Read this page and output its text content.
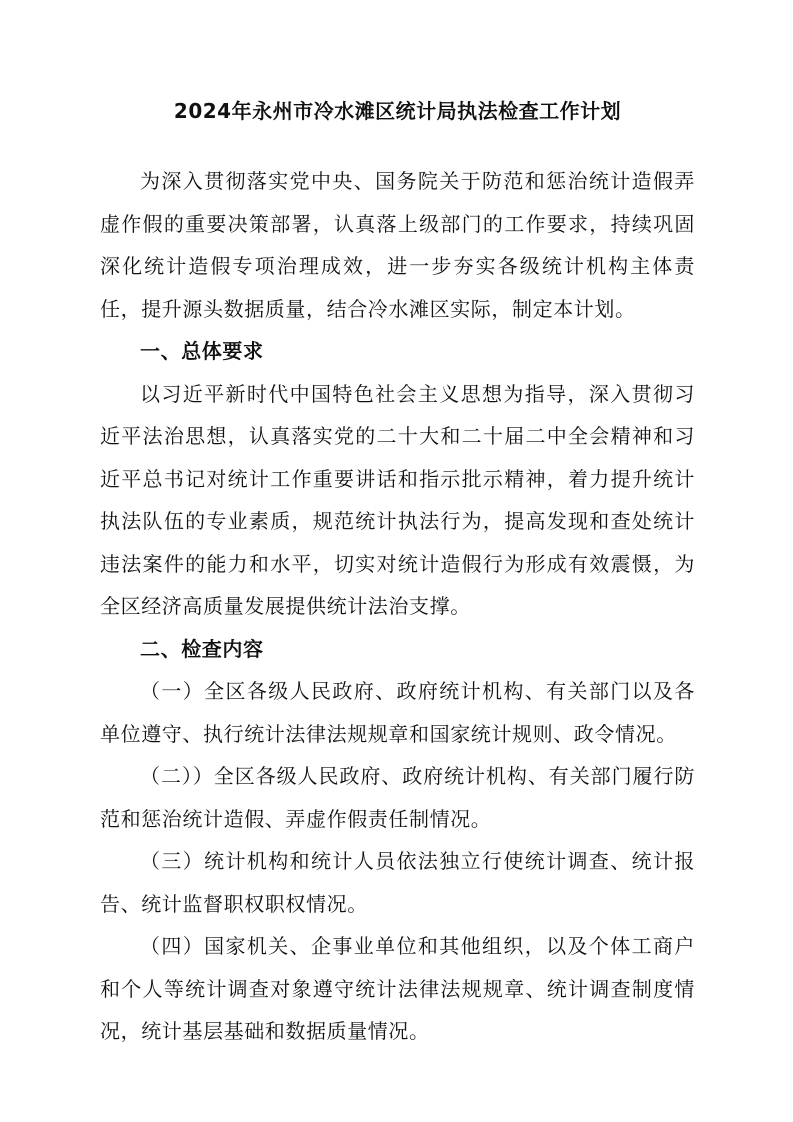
2024年永州市冷水滩区统计局执法检查工作计划

为深入贯彻落实党中央、国务院关于防范和惩治统计造假弄虚作假的重要决策部署，认真落上级部门的工作要求，持续巩固深化统计造假专项治理成效，进一步夯实各级统计机构主体责任，提升源头数据质量，结合冷水滩区实际，制定本计划。

一、总体要求

以习近平新时代中国特色社会主义思想为指导，深入贯彻习近平法治思想，认真落实党的二十大和二十届二中全会精神和习近平总书记对统计工作重要讲话和指示批示精神，着力提升统计执法队伍的专业素质，规范统计执法行为，提高发现和查处统计违法案件的能力和水平，切实对统计造假行为形成有效震慑，为全区经济高质量发展提供统计法治支撑。

二、检查内容

（一）全区各级人民政府、政府统计机构、有关部门以及各单位遵守、执行统计法律法规规章和国家统计规则、政令情况。

（二））全区各级人民政府、政府统计机构、有关部门履行防范和惩治统计造假、弄虚作假责任制情况。

（三）统计机构和统计人员依法独立行使统计调查、统计报告、统计监督职权职权情况。

（四）国家机关、企事业单位和其他组织，以及个体工商户和个人等统计调查对象遵守统计法律法规规章、统计调查制度情况，统计基层基础和数据质量情况。
